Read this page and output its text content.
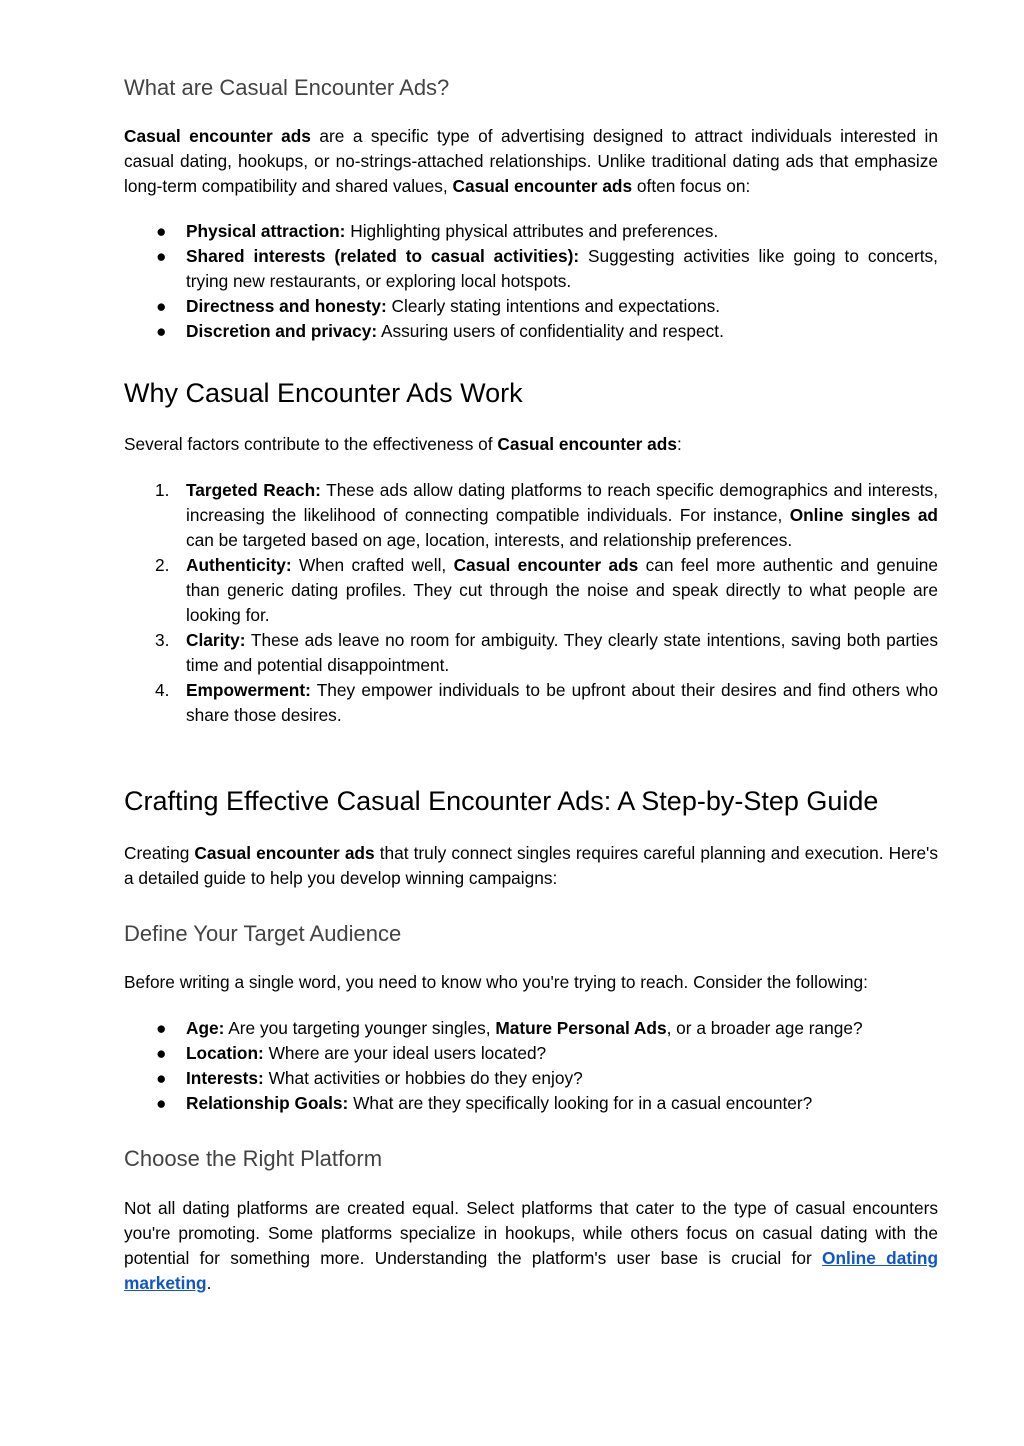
What are Casual Encounter Ads?

Casual encounter ads are a specific type of advertising designed to attract individuals interested in casual dating, hookups, or no-strings-attached relationships. Unlike traditional dating ads that emphasize long-term compatibility and shared values, Casual encounter ads often focus on:

●	Physical attraction: Highlighting physical attributes and preferences.
●	Shared interests (related to casual activities): Suggesting activities like going to concerts, trying new restaurants, or exploring local hotspots.
●	Directness and honesty: Clearly stating intentions and expectations.
●	Discretion and privacy: Assuring users of confidentiality and respect.
Why Casual Encounter Ads Work

Several factors contribute to the effectiveness of Casual encounter ads:

1. Targeted Reach: These ads allow dating platforms to reach specific demographics and interests, increasing the likelihood of connecting compatible individuals. For instance, Online singles ad can be targeted based on age, location, interests, and relationship preferences.
2. Authenticity: When crafted well, Casual encounter ads can feel more authentic and genuine than generic dating profiles. They cut through the noise and speak directly to what people are looking for.
3. Clarity: These ads leave no room for ambiguity. They clearly state intentions, saving both parties time and potential disappointment.
4. Empowerment: They empower individuals to be upfront about their desires and find others who share those desires.
Crafting Effective Casual Encounter Ads: A Step-by-Step Guide

Creating Casual encounter ads that truly connect singles requires careful planning and execution. Here's a detailed guide to help you develop winning campaigns:

Define Your Target Audience

Before writing a single word, you need to know who you're trying to reach. Consider the following:

●	Age: Are you targeting younger singles, Mature Personal Ads, or a broader age range?
●	Location: Where are your ideal users located?
●	Interests: What activities or hobbies do they enjoy?
●	Relationship Goals: What are they specifically looking for in a casual encounter?
Choose the Right Platform

Not all dating platforms are created equal. Select platforms that cater to the type of casual encounters you're promoting. Some platforms specialize in hookups, while others focus on casual dating with the potential for something more. Understanding the platform's user base is crucial for Online dating marketing.
